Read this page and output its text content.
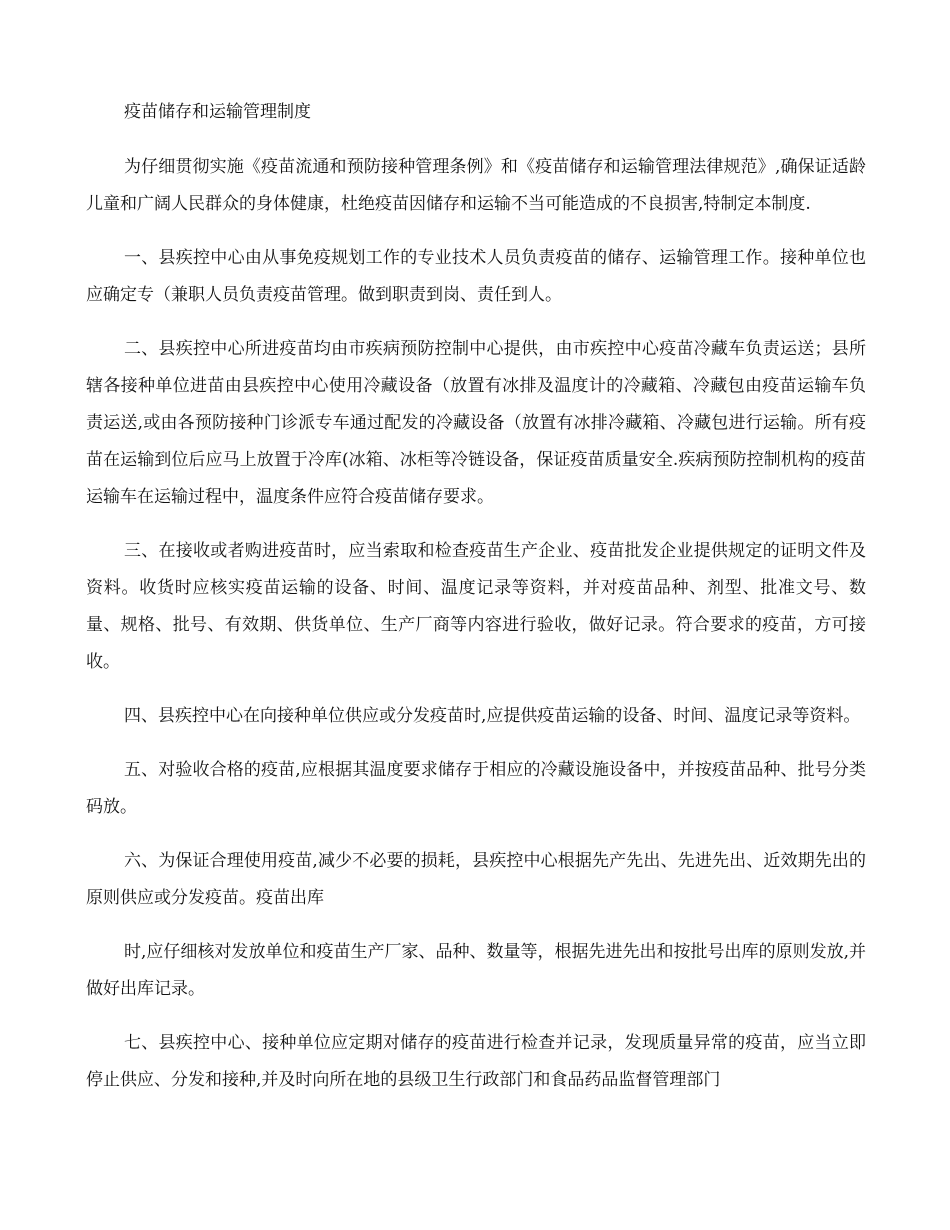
疫苗储存和运输管理制度

为仔细贯彻实施《疫苗流通和预防接种管理条例》和《疫苗储存和运输管理法律规范》,确保证适龄儿童和广阔人民群众的身体健康，杜绝疫苗因储存和运输不当可能造成的不良损害,特制定本制度.

一、县疾控中心由从事免疫规划工作的专业技术人员负责疫苗的储存、运输管理工作。接种单位也应确定专（兼职人员负责疫苗管理。做到职责到岗、责任到人。

二、县疾控中心所进疫苗均由市疾病预防控制中心提供，由市疾控中心疫苗冷藏车负责运送；县所辖各接种单位进苗由县疾控中心使用冷藏设备（放置有冰排及温度计的冷藏箱、冷藏包由疫苗运输车负责运送,或由各预防接种门诊派专车通过配发的冷藏设备（放置有冰排冷藏箱、冷藏包进行运输。所有疫苗在运输到位后应马上放置于冷库(冰箱、冰柜等冷链设备，保证疫苗质量安全.疾病预防控制机构的疫苗运输车在运输过程中，温度条件应符合疫苗储存要求。

三、在接收或者购进疫苗时，应当索取和检查疫苗生产企业、疫苗批发企业提供规定的证明文件及资料。收货时应核实疫苗运输的设备、时间、温度记录等资料，并对疫苗品种、剂型、批准文号、数量、规格、批号、有效期、供货单位、生产厂商等内容进行验收，做好记录。符合要求的疫苗，方可接收。

四、县疾控中心在向接种单位供应或分发疫苗时,应提供疫苗运输的设备、时间、温度记录等资料。

五、对验收合格的疫苗,应根据其温度要求储存于相应的冷藏设施设备中，并按疫苗品种、批号分类码放。

六、为保证合理使用疫苗,减少不必要的损耗，县疾控中心根据先产先出、先进先出、近效期先出的原则供应或分发疫苗。疫苗出库

时,应仔细核对发放单位和疫苗生产厂家、品种、数量等，根据先进先出和按批号出库的原则发放,并做好出库记录。

七、县疾控中心、接种单位应定期对储存的疫苗进行检查并记录，发现质量异常的疫苗，应当立即停止供应、分发和接种,并及时向所在地的县级卫生行政部门和食品药品监督管理部门
